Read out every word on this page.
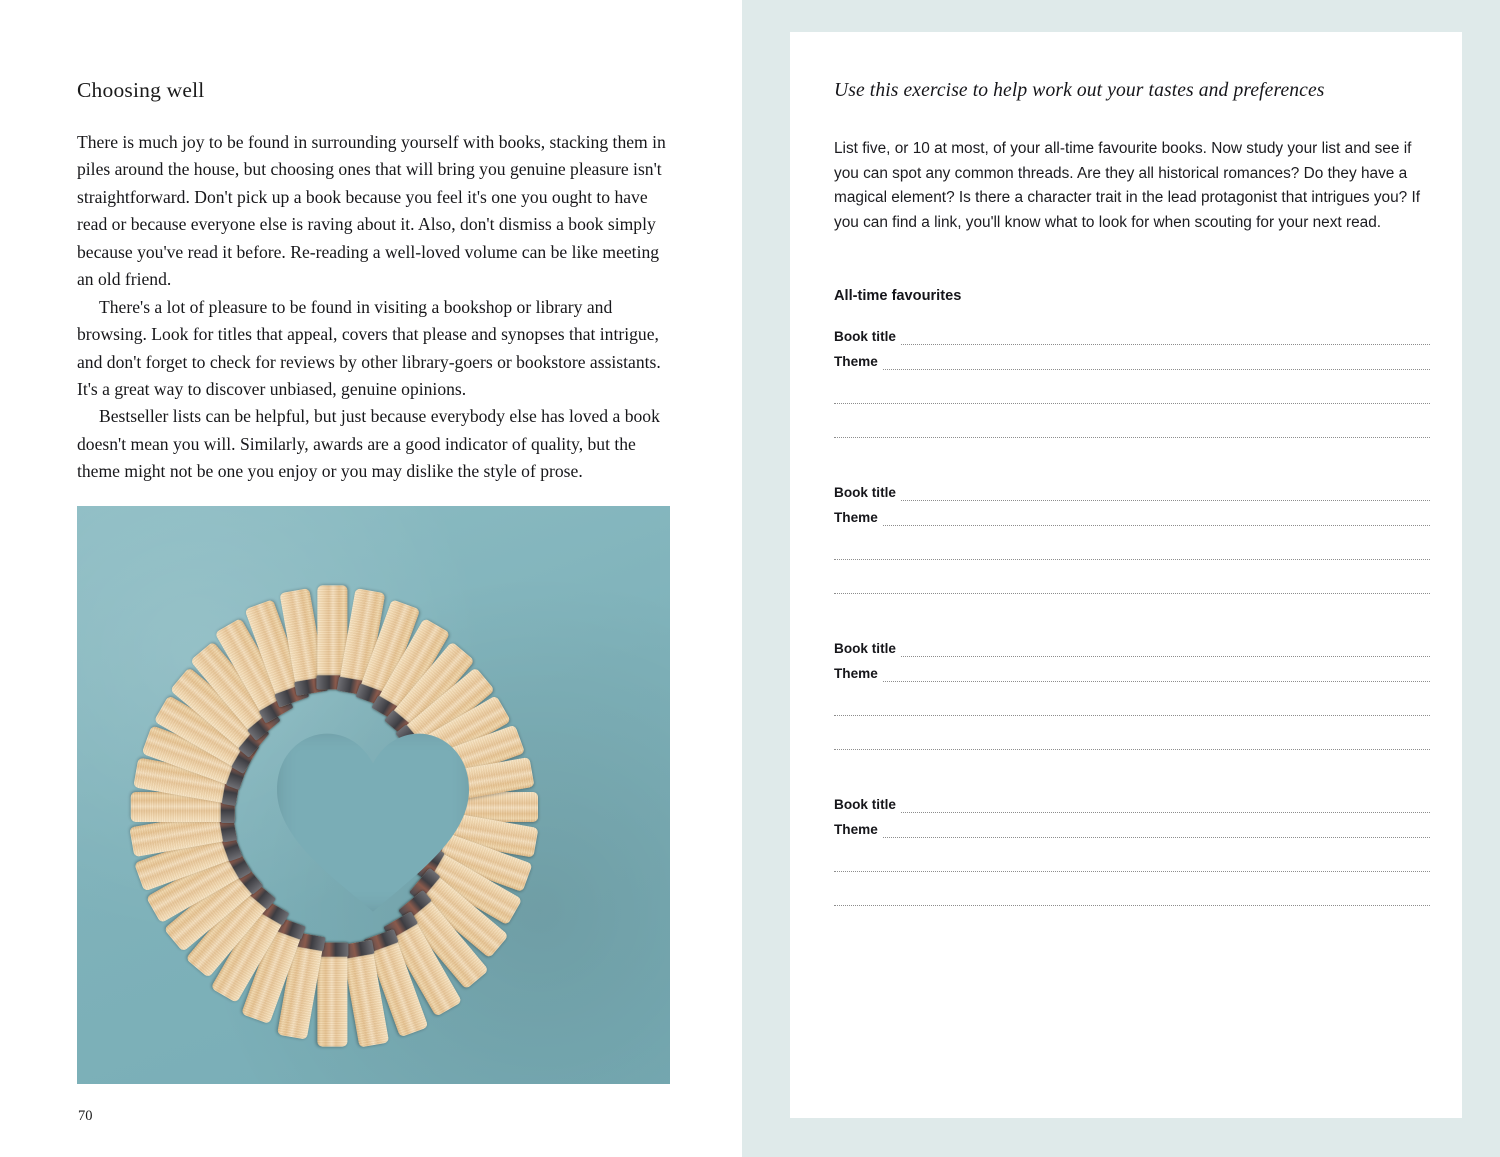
Choosing well

There is much joy to be found in surrounding yourself with books, stacking them in piles around the house, but choosing ones that will bring you genuine pleasure isn't straightforward. Don't pick up a book because you feel it's one you ought to have read or because everyone else is raving about it. Also, don't dismiss a book simply because you've read it before. Re-reading a well-loved volume can be like meeting an old friend.

There's a lot of pleasure to be found in visiting a bookshop or library and browsing. Look for titles that appeal, covers that please and synopses that intrigue, and don't forget to check for reviews by other library-goers or bookstore assistants. It's a great way to discover unbiased, genuine opinions.

Bestseller lists can be helpful, but just because everybody else has loved a book doesn't mean you will. Similarly, awards are a good indicator of quality, but the theme might not be one you enjoy or you may dislike the style of prose.

70
Use this exercise to help work out your tastes and preferences
List five, or 10 at most, of your all-time favourite books. Now study your list and see if you can spot any common threads. Are they all historical romances? Do they have a magical element? Is there a character trait in the lead protagonist that intrigues you? If you can find a link, you'll know what to look for when scouting for your next read.
All-time favourites
Book title
Theme
Book title
Theme
Book title
Theme
Book title
Theme
